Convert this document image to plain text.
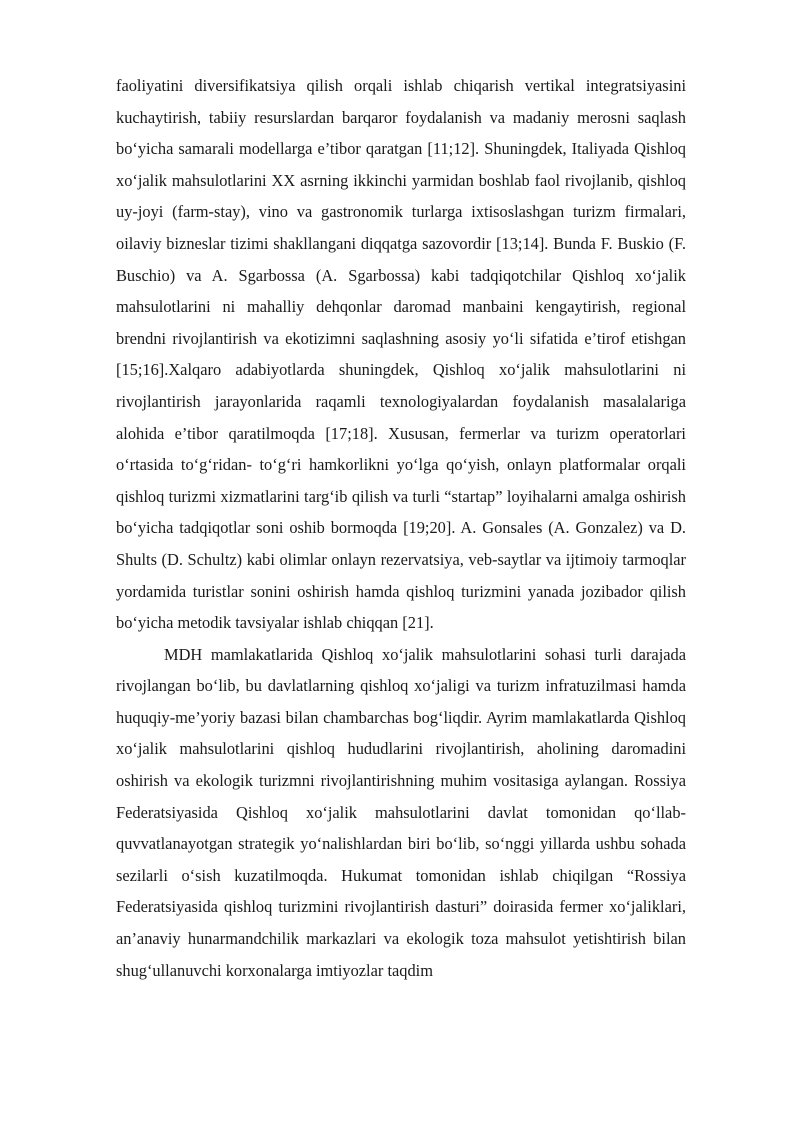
faoliyatini diversifikatsiya qilish orqali ishlab chiqarish vertikal integratsiyasini kuchaytirish, tabiiy resurslardan barqaror foydalanish va madaniy merosni saqlash bo‘yicha samarali modellarga e’tibor qaratgan [11;12]. Shuningdek, Italiyada Qishloq xo‘jalik mahsulotlarini XX asrning ikkinchi yarmidan boshlab faol rivojlanib, qishloq uy-joyi (farm-stay), vino va gastronomik turlarga ixtisoslashgan turizm firmalari, oilaviy bizneslar tizimi shakllangani diqqatga sazovordir [13;14]. Bunda F. Buskio (F. Buschio) va A. Sgarbossa (A. Sgarbossa) kabi tadqiqotchilar Qishloq xo‘jalik mahsulotlarini ni mahalliy dehqonlar daromad manbaini kengaytirish, regional brendni rivojlantirish va ekotizimni saqlashning asosiy yo‘li sifatida e’tirof etishgan [15;16].Xalqaro adabiyotlarda shuningdek, Qishloq xo‘jalik mahsulotlarini ni rivojlantirish jarayonlarida raqamli texnologiyalardan foydalanish masalalariga alohida e’tibor qaratilmoqda [17;18]. Xususan, fermerlar va turizm operatorlari o‘rtasida to‘g‘ridan- to‘g‘ri hamkorlikni yo‘lga qo‘yish, onlayn platformalar orqali qishloq turizmi xizmatlarini targ‘ib qilish va turli “startap” loyihalarni amalga oshirish bo‘yicha tadqiqotlar soni oshib bormoqda [19;20]. A. Gonsales (A. Gonzalez) va D. Shults (D. Schultz) kabi olimlar onlayn rezervatsiya, veb-saytlar va ijtimoiy tarmoqlar yordamida turistlar sonini oshirish hamda qishloq turizmini yanada jozibador qilish bo‘yicha metodik tavsiyalar ishlab chiqqan [21].

MDH mamlakatlarida Qishloq xo‘jalik mahsulotlarini sohasi turli darajada rivojlangan bo‘lib, bu davlatlarning qishloq xo‘jaligi va turizm infratuzilmasi hamda huquqiy-me’yoriy bazasi bilan chambarchas bog‘liqdir. Ayrim mamlakatlarda Qishloq xo‘jalik mahsulotlarini qishloq hududlarini rivojlantirish, aholining daromadini oshirish va ekologik turizmni rivojlantirishning muhim vositasiga aylangan. Rossiya Federatsiyasida Qishloq xo‘jalik mahsulotlarini davlat tomonidan qo‘llab-quvvatlanayotgan strategik yo‘nalishlardan biri bo‘lib, so‘nggi yillarda ushbu sohada sezilarli o‘sish kuzatilmoqda. Hukumat tomonidan ishlab chiqilgan “Rossiya Federatsiyasida qishloq turizmini rivojlantirish dasturi” doirasida fermer xo‘jaliklari, an’anaviy hunarmandchilik markazlari va ekologik toza mahsulot yetishtirish bilan shug‘ullanuvchi korxonalarga imtiyozlar taqdim
